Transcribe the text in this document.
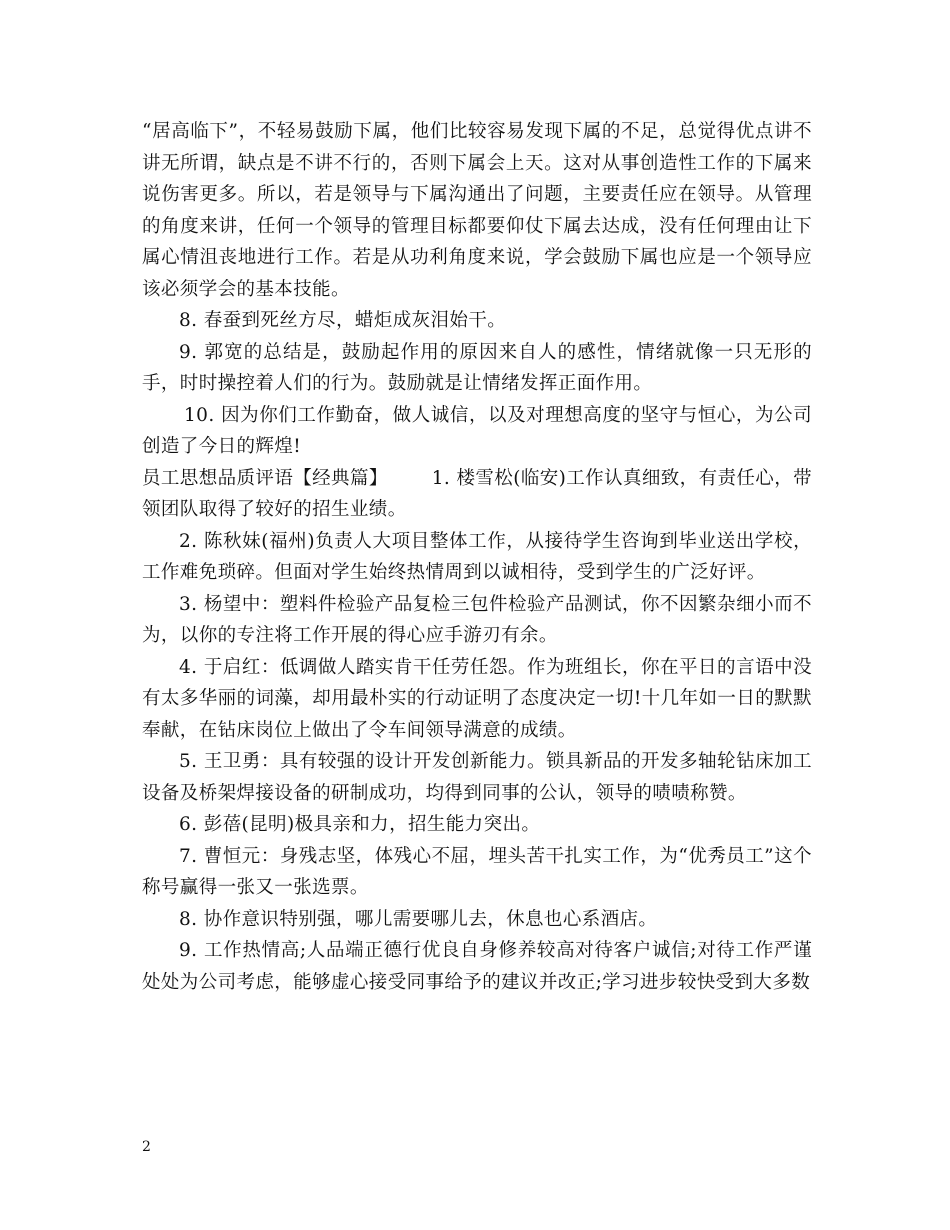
“居高临下”，不轻易鼓励下属，他们比较容易发现下属的不足，总觉得优点讲不讲无所谓，缺点是不讲不行的，否则下属会上天。这对从事创造性工作的下属来说伤害更多。所以，若是领导与下属沟通出了问题，主要责任应在领导。从管理的角度来讲，任何一个领导的管理目标都要仰仗下属去达成，没有任何理由让下属心情沮丧地进行工作。若是从功利角度来说，学会鼓励下属也应是一个领导应该必须学会的基本技能。

8. 春蚕到死丝方尽，蜡炬成灰泪始干。

9. 郭宽的总结是，鼓励起作用的原因来自人的感性，情绪就像一只无形的手，时时操控着人们的行为。鼓励就是让情绪发挥正面作用。

10. 因为你们工作勤奋，做人诚信，以及对理想高度的坚守与恒心，为公司创造了今日的辉煌!

员工思想品质评语【经典篇】 1. 楼雪松(临安)工作认真细致，有责任心，带领团队取得了较好的招生业绩。

2. 陈秋妹(福州)负责人大项目整体工作，从接待学生咨询到毕业送出学校，工作难免琐碎。但面对学生始终热情周到以诚相待，受到学生的广泛好评。

3. 杨望中：塑料件检验产品复检三包件检验产品测试，你不因繁杂细小而不为，以你的专注将工作开展的得心应手游刃有余。

4. 于启红：低调做人踏实肯干任劳任怨。作为班组长，你在平日的言语中没有太多华丽的词藻，却用最朴实的行动证明了态度决定一切!十几年如一日的默默奉献，在钻床岗位上做出了令车间领导满意的成绩。

5. 王卫勇：具有较强的设计开发创新能力。锁具新品的开发多轴轮钻床加工设备及桥架焊接设备的研制成功，均得到同事的公认，领导的啧啧称赞。

6. 彭蓓(昆明)极具亲和力，招生能力突出。

7. 曹恒元：身残志坚，体残心不屈，埋头苦干扎实工作，为“优秀员工”这个称号赢得一张又一张选票。

8. 协作意识特别强，哪儿需要哪儿去，休息也心系酒店。

9. 工作热情高;人品端正德行优良自身修养较高对待客户诚信;对待工作严谨处处为公司考虑，能够虚心接受同事给予的建议并改正;学习进步较快受到大多数

2
